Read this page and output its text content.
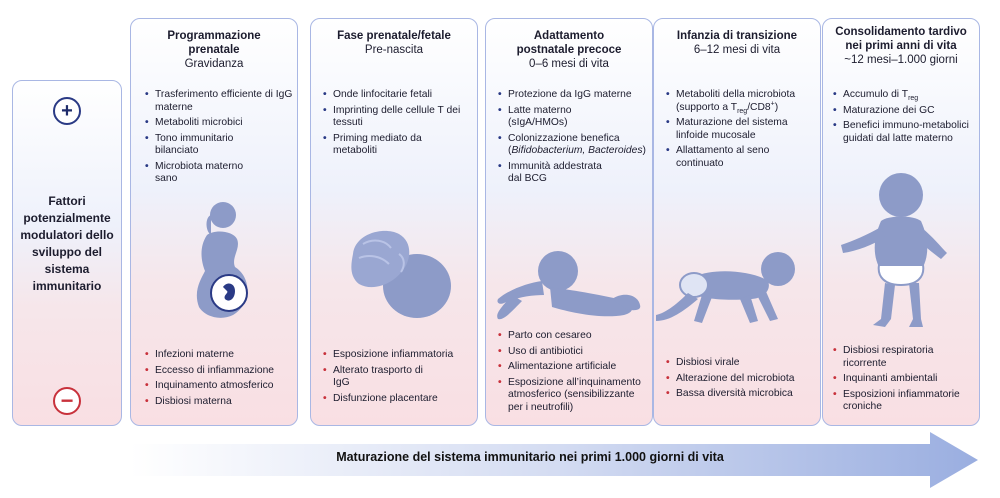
+
Fattori potenzialmente modulatori dello sviluppo del sistema immunitario
−
Programmazione prenatale
Gravidanza
• Trasferimento efficiente di IgG materne
• Metaboliti microbici
• Tono immunitario bilanciato
• Microbiota materno sano
• Infezioni materne
• Eccesso di infiammazione
• Inquinamento atmosferico
• Disbiosi materna
Fase prenatale/fetale
Pre-nascita
• Onde linfocitarie fetali
• Imprinting delle cellule T dei tessuti
• Priming mediato da metaboliti
• Esposizione infiammatoria
• Alterato trasporto di IgG
• Disfunzione placentare
Adattamento postnatale precoce
0–6 mesi di vita
• Protezione da IgG materne
• Latte materno (sIgA/HMOs)
• Colonizzazione benefica
(Bifidobacterium, Bacteroides)
• Immunità addestrata dal BCG
• Parto con cesareo
• Uso di antibiotici
• Alimentazione artificiale
• Esposizione all’inquinamento atmosferico (sensibilizzante per i neutrofili)
Infanzia di transizione
6–12 mesi di vita
• Metaboliti della microbiota (supporto a $T_{reg}/CD8^+$)
• Maturazione del sistema linfoide mucosale
• Allattamento al seno continuato
• Disbiosi virale
• Alterazione del microbiota
• Bassa diversità microbica
Consolidamento tardivo nei primi anni di vita
~12 mesi–1.000 giorni
• Accumulo di $T_{reg}$
• Maturazione dei GC
• Benefici immuno-metabolici guidati dal latte materno
• Disbiosi respiratoria ricorrente
• Inquinanti ambientali
• Esposizioni infiammatorie croniche
Maturazione del sistema immunitario nei primi 1.000 giorni di vita
